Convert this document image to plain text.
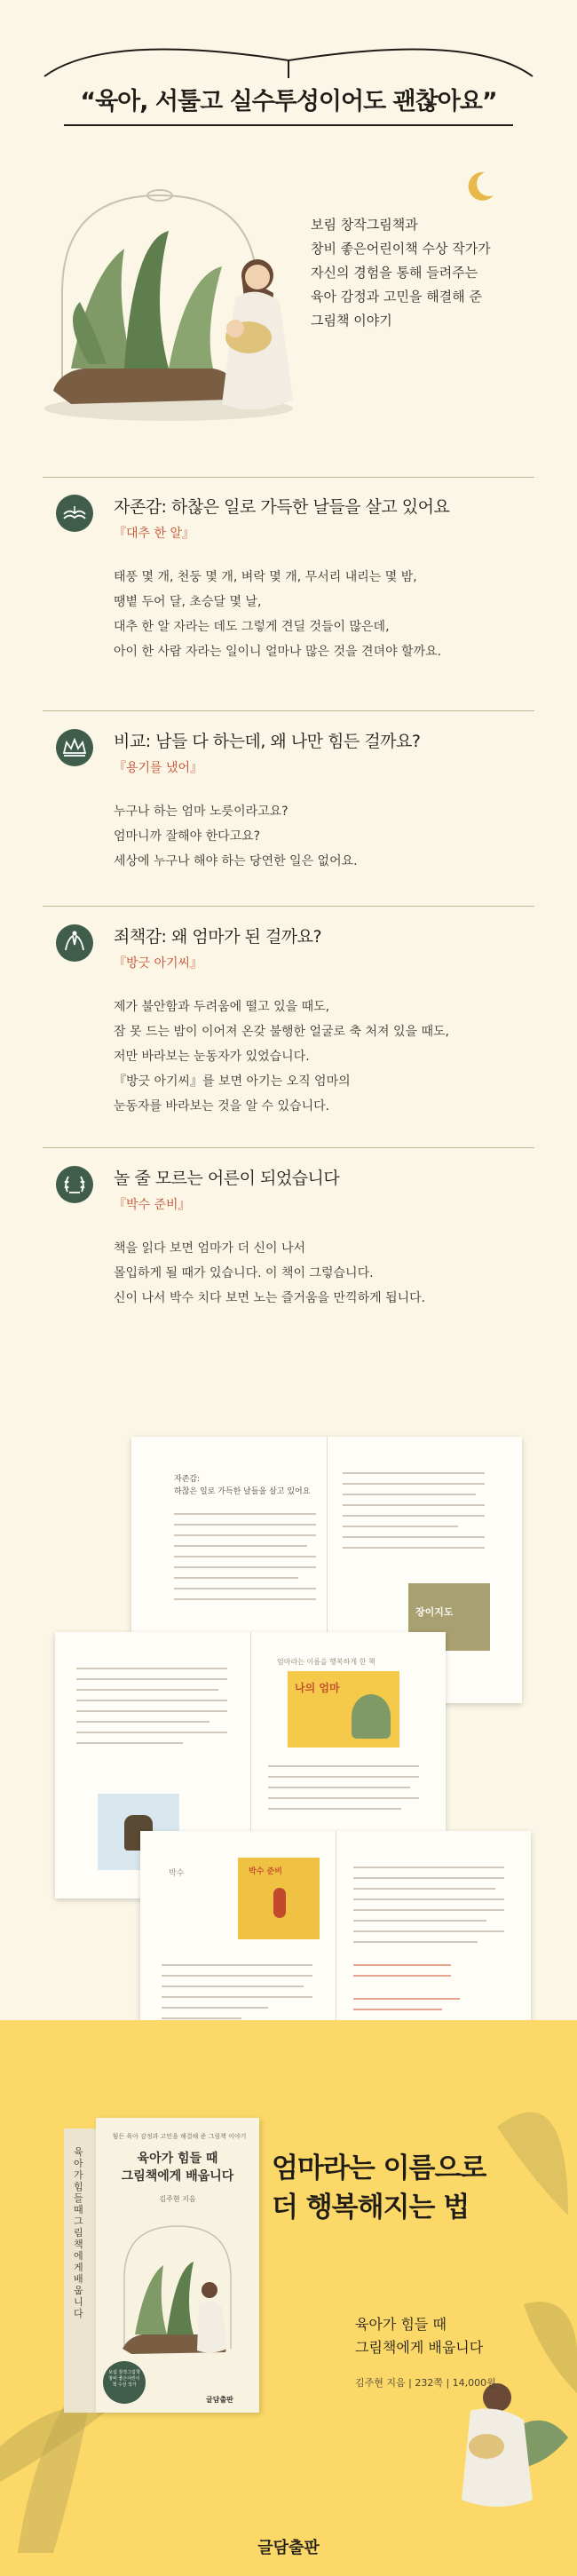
“육아, 서툴고 실수투성이어도 괜찮아요”
보림 창작그림책과
창비 좋은어린이책 수상 작가가
자신의 경험을 통해 들려주는
육아 감정과 고민을 해결해 준
그림책 이야기
자존감: 하찮은 일로 가득한 날들을 살고 있어요
『대추 한 알』
태풍 몇 개, 천둥 몇 개, 벼락 몇 개, 무서리 내리는 몇 밤,
땡볕 두어 달, 초승달 몇 날,
대추 한 알 자라는 데도 그렇게 견딜 것들이 많은데,
아이 한 사람 자라는 일이니 얼마나 많은 것을 견뎌야 할까요.
비교: 남들 다 하는데, 왜 나만 힘든 걸까요?
『용기를 냈어』
누구나 하는 엄마 노릇이라고요?
엄마니까 잘해야 한다고요?
세상에 누구나 해야 하는 당연한 일은 없어요.
죄책감: 왜 엄마가 된 걸까요?
『방긋 아기씨』
제가 불안함과 두려움에 떨고 있을 때도,
잠 못 드는 밤이 이어져 온갖 불행한 얼굴로 축 처져 있을 때도,
저만 바라보는 눈동자가 있었습니다.
『방긋 아기씨』를 보면 아기는 오직 엄마의
눈동자를 바라보는 것을 알 수 있습니다.
놀 줄 모르는 어른이 되었습니다
『박수 준비』
책을 읽다 보면 엄마가 더 신이 나서
몰입하게 될 때가 있습니다. 이 책이 그렇습니다.
신이 나서 박수 치다 보면 노는 즐거움을 만끽하게 됩니다.
자존감:
하찮은 일로 가득한 날들을 살고 있어요
장이지도
엄마라는 이름을 행복하게 한 책
나의 엄마
박수	박수 준비
육아가 힘들 때 그림책에게 배웁니다
힘든 육아 감정과 고민을 해결해 준 그림책 이야기
육아가 힘들 때
그림책에게 배웁니다
김주현 지음
보림 창작그림책 창비 좋은어린이책 수상 작가
글담출판
엄마라는 이름으로
더 행복해지는 법
육아가 힘들 때
그림책에게 배웁니다
김주현 지음 | 232쪽 | 14,000원
글담출판
